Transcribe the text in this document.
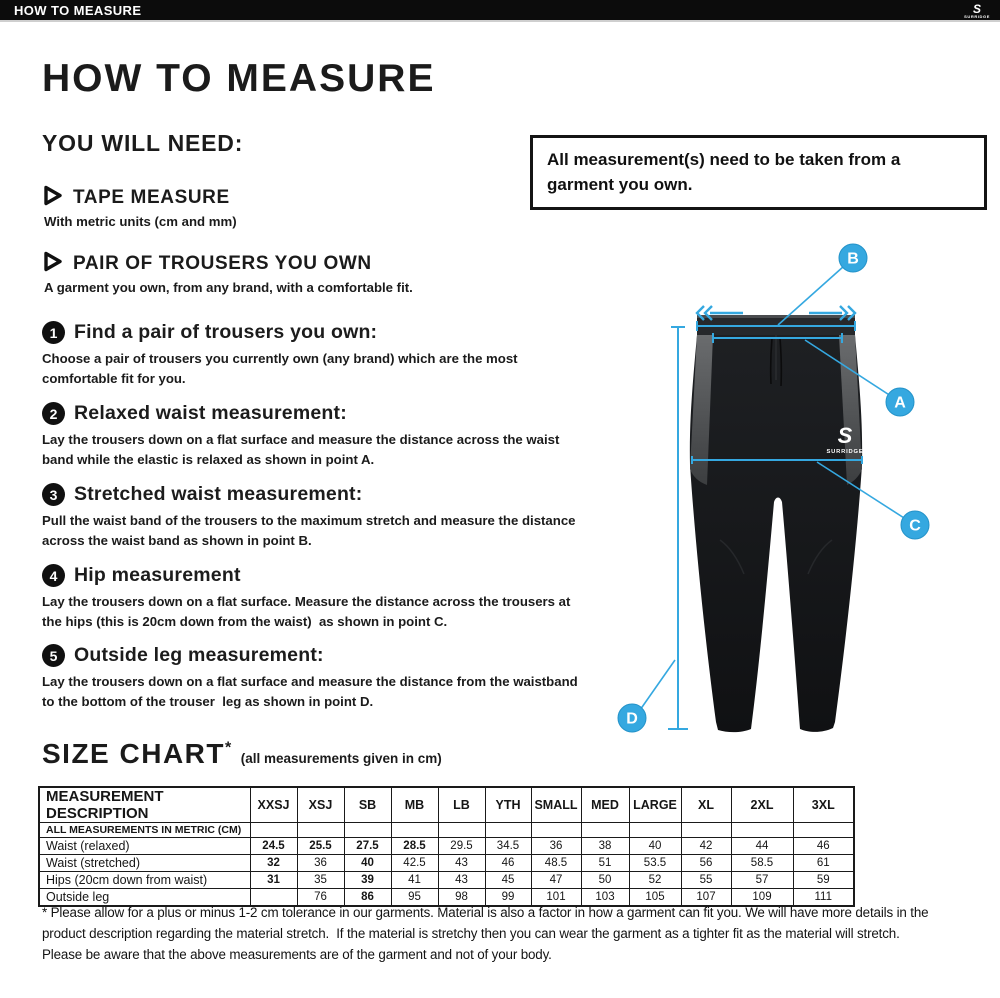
HOW TO MEASURE	S
SURRIDGE
HOW TO MEASURE
YOU WILL NEED:
TAPE MEASURE
With metric units (cm and mm)
PAIR OF TROUSERS YOU OWN
A garment you own, from any brand, with a comfortable fit.

All measurement(s) need to be taken from a garment you own.

1 Find a pair of trousers you own:
Choose a pair of trousers you currently own (any brand) which are the most comfortable fit for you.
2 Relaxed waist measurement:
Lay the trousers down on a flat surface and measure the distance across the waist band while the elastic is relaxed as shown in point A.
3 Stretched waist measurement:
Pull the waist band of the trousers to the maximum stretch and measure the distance across the waist band as shown in point B.
4 Hip measurement
Lay the trousers down on a flat surface. Measure the distance across the trousers at the hips (this is 20cm down from the waist)  as shown in point C.
5 Outside leg measurement:
Lay the trousers down on a flat surface and measure the distance from the waistband to the bottom of the trouser  leg as shown in point D.
S
SURRIDGE
B
A
C
D
SIZE CHART*
(all measurements given in cm)
MEASUREMENT DESCRIPTION	XXSJ	XSJ	SB	MB	LB	YTH	SMALL	MED	LARGE	XL	2XL	3XL
ALL MEASUREMENTS IN METRIC (CM)												
Waist (relaxed)	24.5	25.5	27.5	28.5	29.5	34.5	36	38	40	42	44	46
Waist (stretched)	32	36	40	42.5	43	46	48.5	51	53.5	56	58.5	61
Hips (20cm down from waist)	31	35	39	41	43	45	47	50	52	55	57	59
Outside leg		76	86	95	98	99	101	103	105	107	109	111
* Please allow for a plus or minus 1-2 cm tolerance in our garments. Material is also a factor in how a garment can fit you. We will have more details in the product description regarding the material stretch.  If the material is stretchy then you can wear the garment as a tighter fit as the material will stretch.  Please be aware that the above measurements are of the garment and not of your body.
